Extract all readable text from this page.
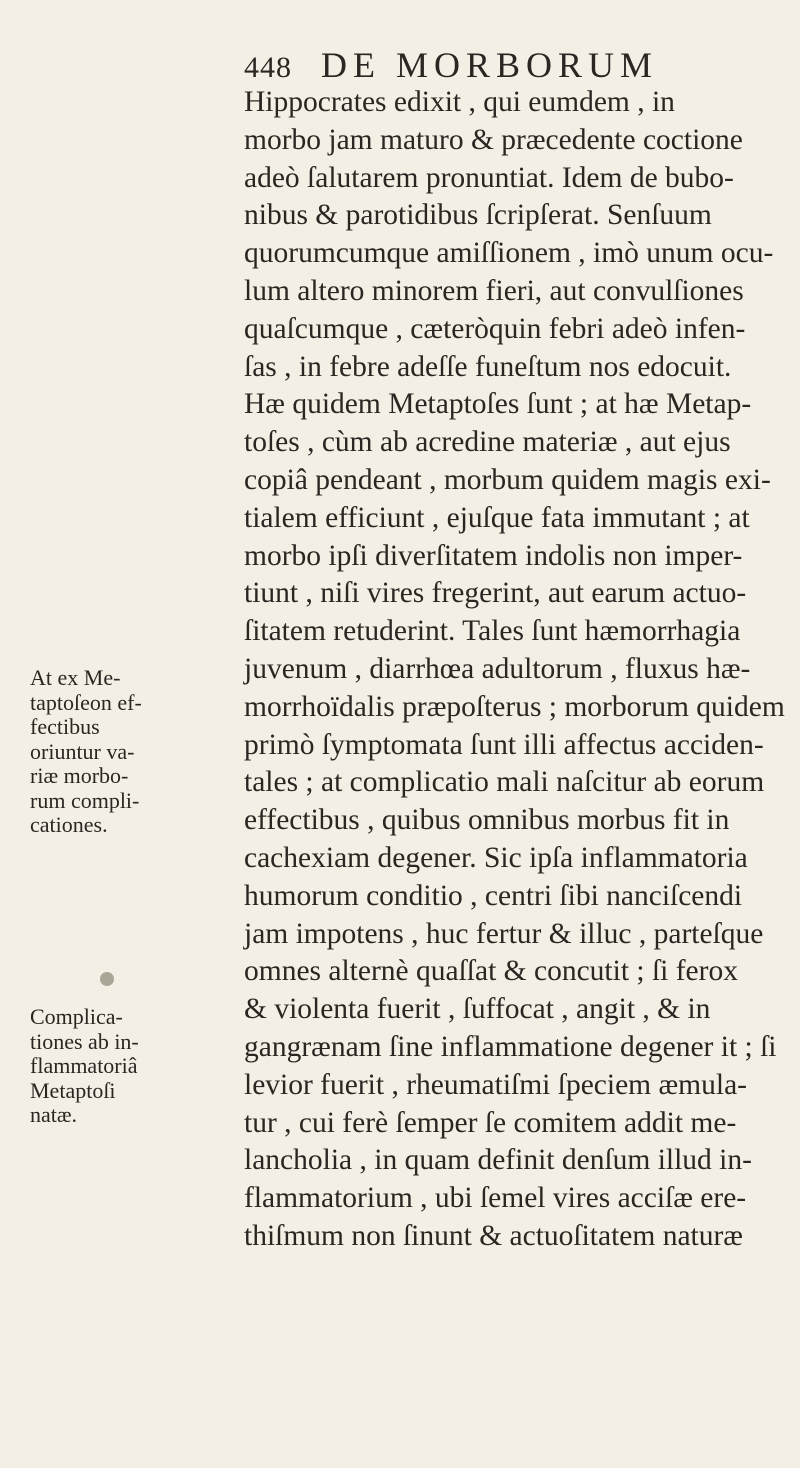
448 DE MORBORUM
Hippocrates edixit , qui eumdem , in
morbo jam maturo & præcedente coctione
adeò ſalutarem pronuntiat. Idem de bubo-
nibus & parotidibus ſcripſerat. Senſuum
quorumcumque amiſſionem , imò unum ocu-
lum altero minorem fieri, aut convulſiones
quaſcumque , cæteròquin febri adeò infen-
ſas , in febre adeſſe funeſtum nos edocuit.
Hæ quidem Metaptoſes ſunt ; at hæ Metap-
toſes , cùm ab acredine materiæ , aut ejus
copiâ pendeant , morbum quidem magis exi-
tialem efficiunt , ejuſque fata immutant ; at
morbo ipſi diverſitatem indolis non imper-
tiunt , niſi vires fregerint, aut earum actuo-
ſitatem retuderint. Tales ſunt hæmorrhagia
juvenum , diarrhœa adultorum , fluxus hæ-
morrhoïdalis præpoſterus ; morborum quidem
primò ſymptomata ſunt illi affectus acciden-
tales ; at complicatio mali naſcitur ab eorum
effectibus , quibus omnibus morbus fit in
cachexiam degener. Sic ipſa inflammatoria
humorum conditio , centri ſibi nanciſcendi
jam impotens , huc fertur & illuc , parteſque
omnes alternè quaſſat & concutit ; ſi ferox
& violenta fuerit , ſuffocat , angit , & in
gangrænam ſine inflammatione degener it ; ſi
levior fuerit , rheumatiſmi ſpeciem æmula-
tur , cui ferè ſemper ſe comitem addit me-
lancholia , in quam definit denſum illud in-
flammatorium , ubi ſemel vires acciſæ ere-
thiſmum non ſinunt & actuoſitatem naturæ
At ex Me-
taptoſeon ef-
fectibus
oriuntur va-
riæ morbo-
rum compli-
cationes.
Complica-
tiones ab in-
flammatoriâ
Metaptoſi
natæ.
